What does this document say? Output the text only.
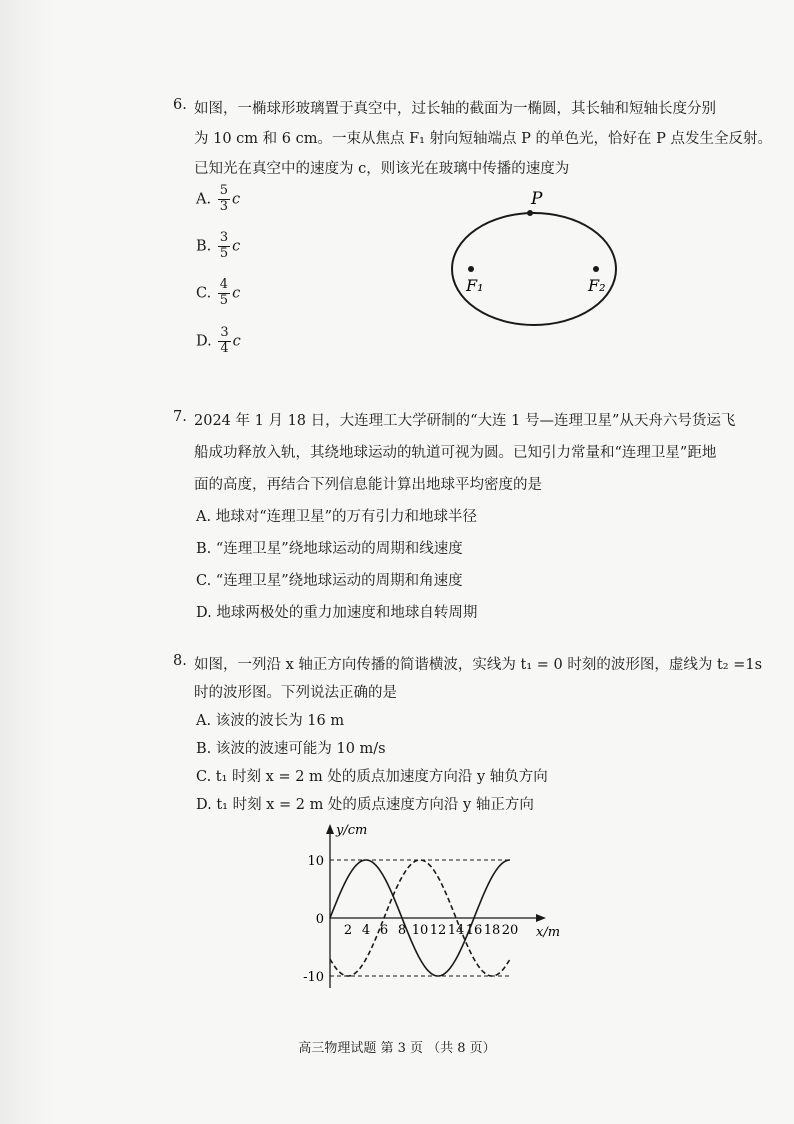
6. 如图，一椭球形玻璃置于真空中，过长轴的截面为一椭圆，其长轴和短轴长度分别
为 10 cm 和 6 cm。一束从焦点 F₁ 射向短轴端点 P 的单色光，恰好在 P 点发生全反射。
已知光在真空中的速度为 c，则该光在玻璃中传播的速度为
A. $\frac{5}{3}$ c
B. $\frac{3}{5}$ c
C. $\frac{4}{5}$ c
D. $\frac{3}{4}$ c
P
F₁	F₂
7. 2024 年 1 月 18 日，大连理工大学研制的“大连 1 号—连理卫星”从天舟六号货运飞
船成功释放入轨，其绕地球运动的轨道可视为圆。已知引力常量和“连理卫星”距地
面的高度，再结合下列信息能计算出地球平均密度的是
A. 地球对“连理卫星”的万有引力和地球半径
B. “连理卫星”绕地球运动的周期和线速度
C. “连理卫星”绕地球运动的周期和角速度
D. 地球两极处的重力加速度和地球自转周期
8. 如图，一列沿 x 轴正方向传播的简谐横波，实线为 t₁ = 0 时刻的波形图，虚线为 t₂ =1s
时的波形图。下列说法正确的是
A. 该波的波长为 16 m
B. 该波的波速可能为 10 m/s
C. t₁ 时刻 x = 2 m 处的质点加速度方向沿 y 轴负方向
D. t₁ 时刻 x = 2 m 处的质点速度方向沿 y 轴正方向
y/cm
x/m
10
0
-10
2 4 6 8 10 12 14 16 18 20
高三物理试题 第 3 页 （共 8 页）
